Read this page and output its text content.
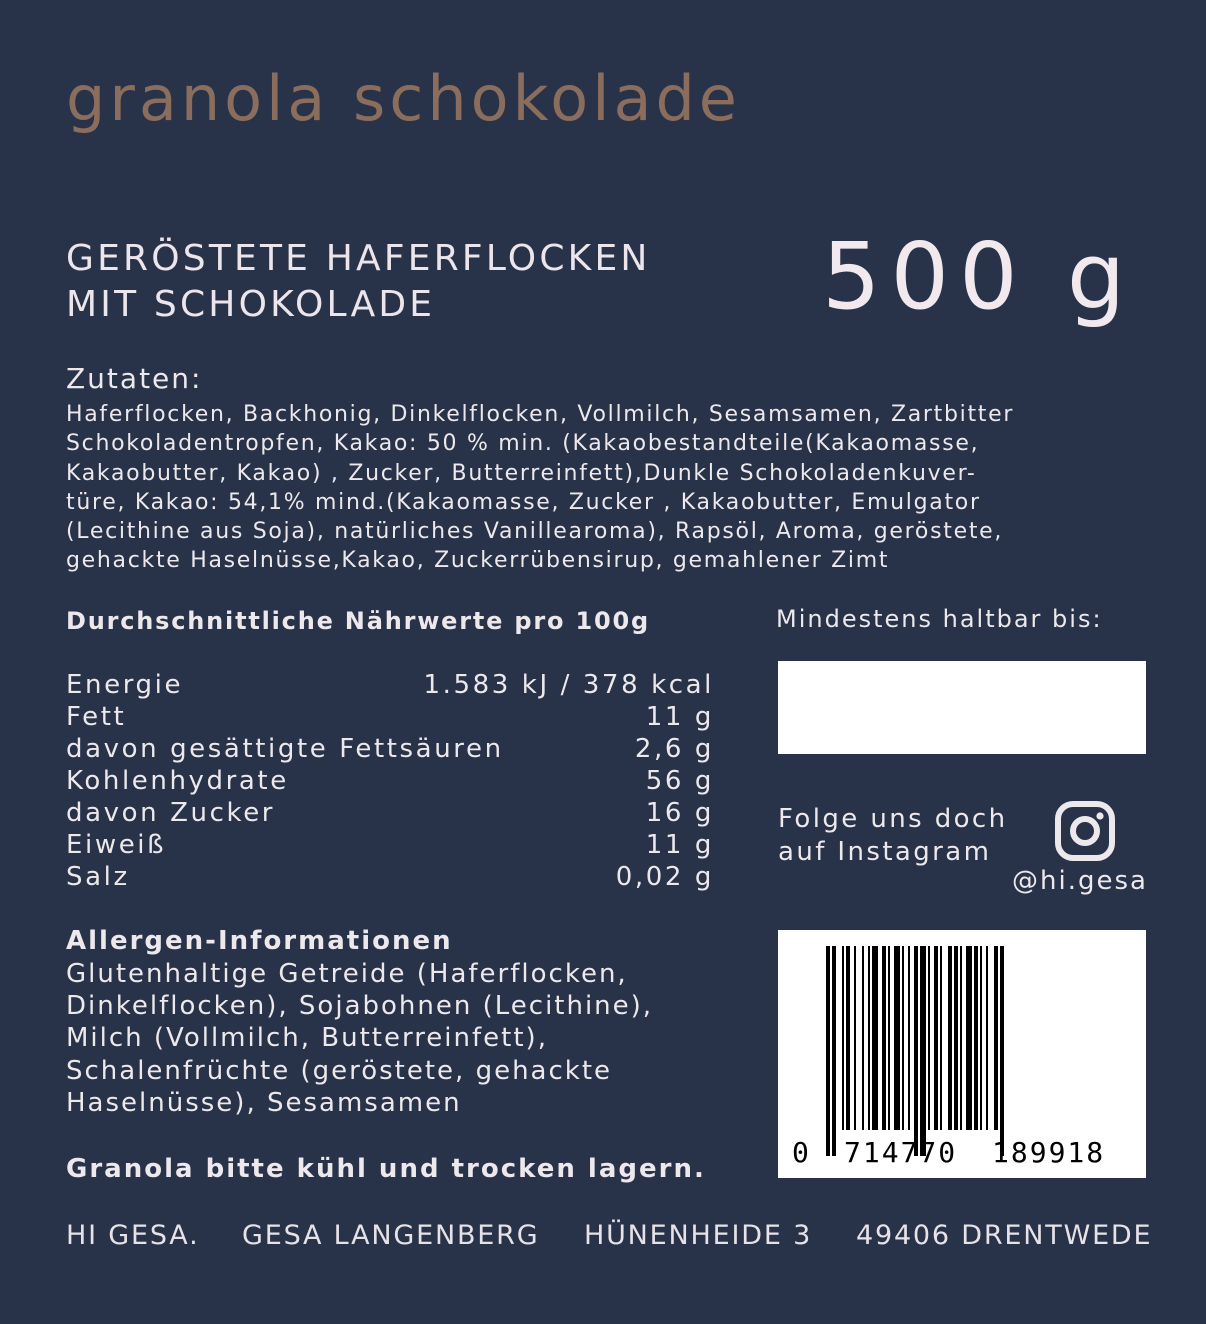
granola schokolade
GERÖSTETE HAFERFLOCKEN
MIT SCHOKOLADE	500 g
Zutaten:
Haferflocken, Backhonig, Dinkelflocken, Vollmilch, Sesamsamen, Zartbitter
Schokoladentropfen, Kakao: 50 % min. (Kakaobestandteile(Kakaomasse,
Kakaobutter, Kakao) , Zucker, Butterreinfett),Dunkle Schokoladenkuver-
türe, Kakao: 54,1% mind.(Kakaomasse, Zucker , Kakaobutter, Emulgator
(Lecithine aus Soja), natürliches Vanillearoma), Rapsöl, Aroma, geröstete,
gehackte Haselnüsse,Kakao, Zuckerrübensirup, gemahlener Zimt
Durchschnittliche Nährwerte pro 100g
Energie	1.583 kJ / 378 kcal
Fett	11 g
davon gesättigte Fettsäuren	2,6 g
Kohlenhydrate	56 g
davon Zucker	16 g
Eiweiß	11 g
Salz	0,02 g
Mindestens haltbar bis:
Folge uns doch
auf Instagram
@hi.gesa
Allergen-Informationen
Glutenhaltige Getreide (Haferflocken,
Dinkelflocken), Sojabohnen (Lecithine),
Milch (Vollmilch, Butterreinfett),
Schalenfrüchte (geröstete, gehackte
Haselnüsse), Sesamsamen
Granola bitte kühl und trocken lagern.	0 714770 189918
HI GESA. GESA LANGENBERG HÜNENHEIDE 3 49406 DRENTWEDE
